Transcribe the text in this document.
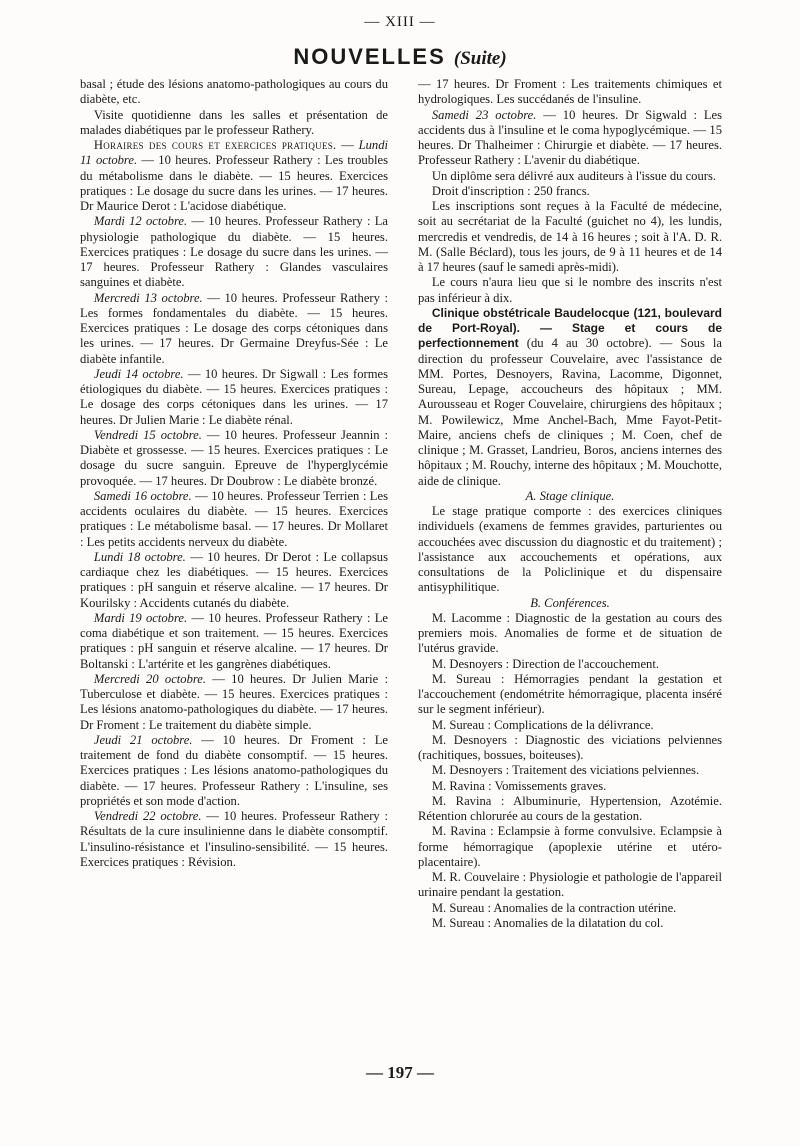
— XIII —
NOUVELLES (Suite)

basal ; étude des lésions anatomo-pathologiques au cours du diabète, etc.

Visite quotidienne dans les salles et présentation de malades diabétiques par le professeur Rathery.

Horaires des cours et exercices pratiques. — Lundi 11 octobre. — 10 heures. Professeur Rathery : Les troubles du métabolisme dans le diabète. — 15 heures. Exercices pratiques : Le dosage du sucre dans les urines. — 17 heures. Dr Maurice Derot : L'acidose diabétique.

Mardi 12 octobre. — 10 heures. Professeur Rathery : La physiologie pathologique du diabète. — 15 heures. Exercices pratiques : Le dosage du sucre dans les urines. — 17 heures. Professeur Rathery : Glandes vasculaires sanguines et diabète.

Mercredi 13 octobre. — 10 heures. Professeur Rathery : Les formes fondamentales du diabète. — 15 heures. Exercices pratiques : Le dosage des corps cétoniques dans les urines. — 17 heures. Dr Germaine Dreyfus-Sée : Le diabète infantile.

Jeudi 14 octobre. — 10 heures. Dr Sigwall : Les formes étiologiques du diabète. — 15 heures. Exercices pratiques : Le dosage des corps cétoniques dans les urines. — 17 heures. Dr Julien Marie : Le diabète rénal.

Vendredi 15 octobre. — 10 heures. Professeur Jeannin : Diabète et grossesse. — 15 heures. Exercices pratiques : Le dosage du sucre sanguin. Epreuve de l'hyperglycémie provoquée. — 17 heures. Dr Doubrow : Le diabète bronzé.

Samedi 16 octobre. — 10 heures. Professeur Terrien : Les accidents oculaires du diabète. — 15 heures. Exercices pratiques : Le métabolisme basal. — 17 heures. Dr Mollaret : Les petits accidents nerveux du diabète.

Lundi 18 octobre. — 10 heures. Dr Derot : Le collapsus cardiaque chez les diabétiques. — 15 heures. Exercices pratiques : pH sanguin et réserve alcaline. — 17 heures. Dr Kourilsky : Accidents cutanés du diabète.

Mardi 19 octobre. — 10 heures. Professeur Rathery : Le coma diabétique et son traitement. — 15 heures. Exercices pratiques : pH sanguin et réserve alcaline. — 17 heures. Dr Boltanski : L'artérite et les gangrènes diabétiques.

Mercredi 20 octobre. — 10 heures. Dr Julien Marie : Tuberculose et diabète. — 15 heures. Exercices pratiques : Les lésions anatomo-pathologiques du diabète. — 17 heures. Dr Froment : Le traitement du diabète simple.

Jeudi 21 octobre. — 10 heures. Dr Froment : Le traitement de fond du diabète consomptif. — 15 heures. Exercices pratiques : Les lésions anatomo-pathologiques du diabète. — 17 heures. Professeur Rathery : L'insuline, ses propriétés et son mode d'action.

Vendredi 22 octobre. — 10 heures. Professeur Rathery : Résultats de la cure insulinienne dans le diabète consomptif. L'insulino-résistance et l'insulino-sensibilité. — 15 heures. Exercices pratiques : Révision.

— 17 heures. Dr Froment : Les traitements chimiques et hydrologiques. Les succédanés de l'insuline.

Samedi 23 octobre. — 10 heures. Dr Sigwald : Les accidents dus à l'insuline et le coma hypoglycémique. — 15 heures. Dr Thalheimer : Chirurgie et diabète. — 17 heures. Professeur Rathery : L'avenir du diabétique.

Un diplôme sera délivré aux auditeurs à l'issue du cours.

Droit d'inscription : 250 francs.

Les inscriptions sont reçues à la Faculté de médecine, soit au secrétariat de la Faculté (guichet no 4), les lundis, mercredis et vendredis, de 14 à 16 heures ; soit à l'A. D. R. M. (Salle Béclard), tous les jours, de 9 à 11 heures et de 14 à 17 heures (sauf le samedi après-midi).

Le cours n'aura lieu que si le nombre des inscrits n'est pas inférieur à dix.

Clinique obstétricale Baudelocque (121, boulevard de Port-Royal). — Stage et cours de perfectionnement (du 4 au 30 octobre). — Sous la direction du professeur Couvelaire, avec l'assistance de MM. Portes, Desnoyers, Ravina, Lacomme, Digonnet, Sureau, Lepage, accoucheurs des hôpitaux ; MM. Aurousseau et Roger Couvelaire, chirurgiens des hôpitaux ; M. Powilewicz, Mme Anchel-Bach, Mme Fayot-Petit-Maire, anciens chefs de cliniques ; M. Coen, chef de clinique ; M. Grasset, Landrieu, Boros, anciens internes des hôpitaux ; M. Rouchy, interne des hôpitaux ; M. Mouchotte, aide de clinique.

A. Stage clinique.

Le stage pratique comporte : des exercices cliniques individuels (examens de femmes gravides, parturientes ou accouchées avec discussion du diagnostic et du traitement) ; l'assistance aux accouchements et opérations, aux consultations de la Policlinique et du dispensaire antisyphilitique.

B. Conférences.

M. Lacomme : Diagnostic de la gestation au cours des premiers mois. Anomalies de forme et de situation de l'utérus gravide.

M. Desnoyers : Direction de l'accouchement.

M. Sureau : Hémorragies pendant la gestation et l'accouchement (endométrite hémorragique, placenta inséré sur le segment inférieur).

M. Sureau : Complications de la délivrance.

M. Desnoyers : Diagnostic des viciations pelviennes (rachitiques, bossues, boiteuses).

M. Desnoyers : Traitement des viciations pelviennes.

M. Ravina : Vomissements graves.

M. Ravina : Albuminurie, Hypertension, Azotémie. Rétention chlorurée au cours de la gestation.

M. Ravina : Eclampsie à forme convulsive. Eclampsie à forme hémorragique (apoplexie utérine et utéro-placentaire).

M. R. Couvelaire : Physiologie et pathologie de l'appareil urinaire pendant la gestation.

M. Sureau : Anomalies de la contraction utérine.

M. Sureau : Anomalies de la dilatation du col.

— 197 —
